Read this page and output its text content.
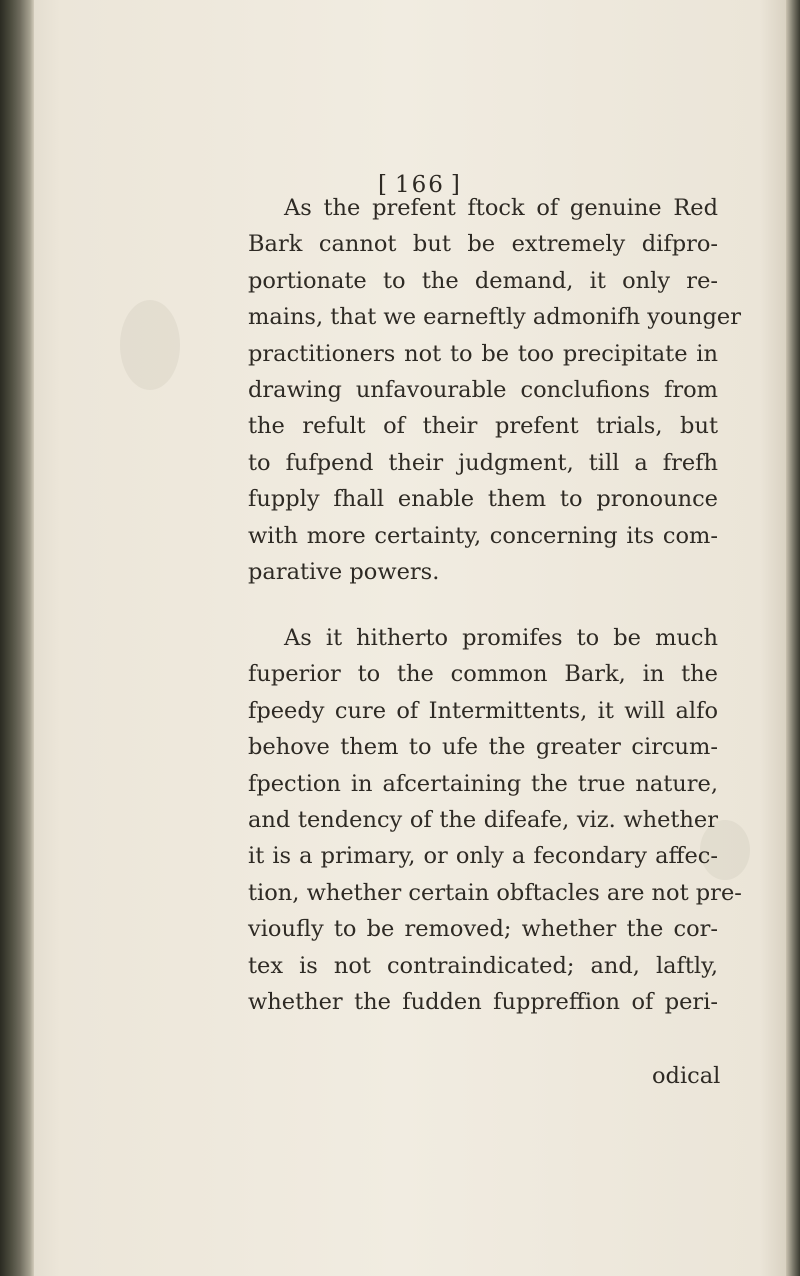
[ 166 ]
As the prefent ftock of genuine Red
Bark cannot but be extremely difpro-
portionate to the demand, it only re-
mains, that we earneftly admonifh younger
practitioners not to be too precipitate in
drawing unfavourable conclufions from
the refult of their prefent trials, but
to fufpend their judgment, till a frefh
fupply fhall enable them to pronounce
with more certainty, concerning its com-
parative powers.
As it hitherto promifes to be much
fuperior to the common Bark, in the
fpeedy cure of Intermittents, it will alfo
behove them to ufe the greater circum-
fpection in afcertaining the true nature,
and tendency of the difeafe, viz. whether
it is a primary, or only a fecondary affec-
tion, whether certain obftacles are not pre-
vioufly to be removed; whether the cor-
tex is not contraindicated; and, laftly,
whether the fudden fuppreffion of peri-
odical
